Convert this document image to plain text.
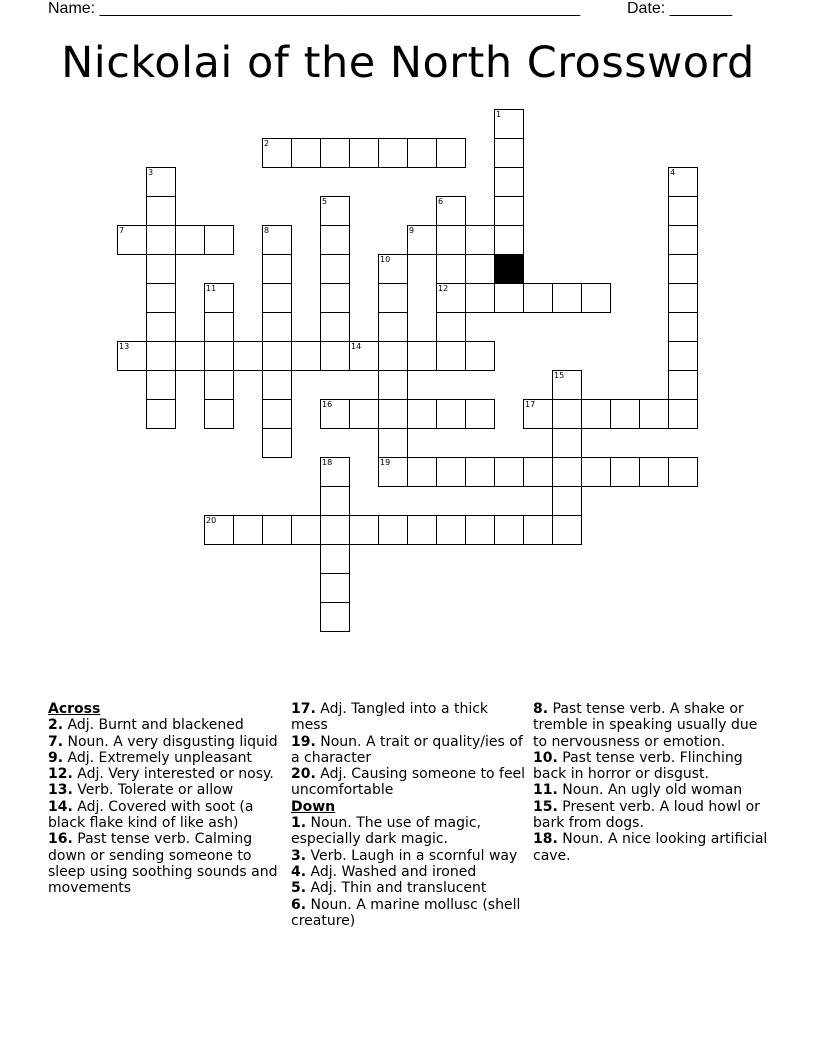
Name: ______________________________________________________	Date: _______
Nickolai of the North Crossword
1
2
3	4
5	6
12
7	8	9
10
19
11
13	14
15
16	17
18
20
Across
2. Adj. Burnt and blackened
7. Noun. A very disgusting liquid
9. Adj. Extremely unpleasant
12. Adj. Very interested or nosy.
13. Verb. Tolerate or allow
14. Adj. Covered with soot (a black flake kind of like ash)
16. Past tense verb. Calming down or sending someone to sleep using soothing sounds and movements
17. Adj. Tangled into a thick mess
19. Noun. A trait or quality/ies of a character
20. Adj. Causing someone to feel uncomfortable
Down
1. Noun. The use of magic, especially dark magic.
3. Verb. Laugh in a scornful way
4. Adj. Washed and ironed
5. Adj. Thin and translucent
6. Noun. A marine mollusc (shell creature)
8. Past tense verb. A shake or tremble in speaking usually due to nervousness or emotion.
10. Past tense verb. Flinching back in horror or disgust.
11. Noun. An ugly old woman
15. Present verb. A loud howl or bark from dogs.
18. Noun. A nice looking artificial cave.
